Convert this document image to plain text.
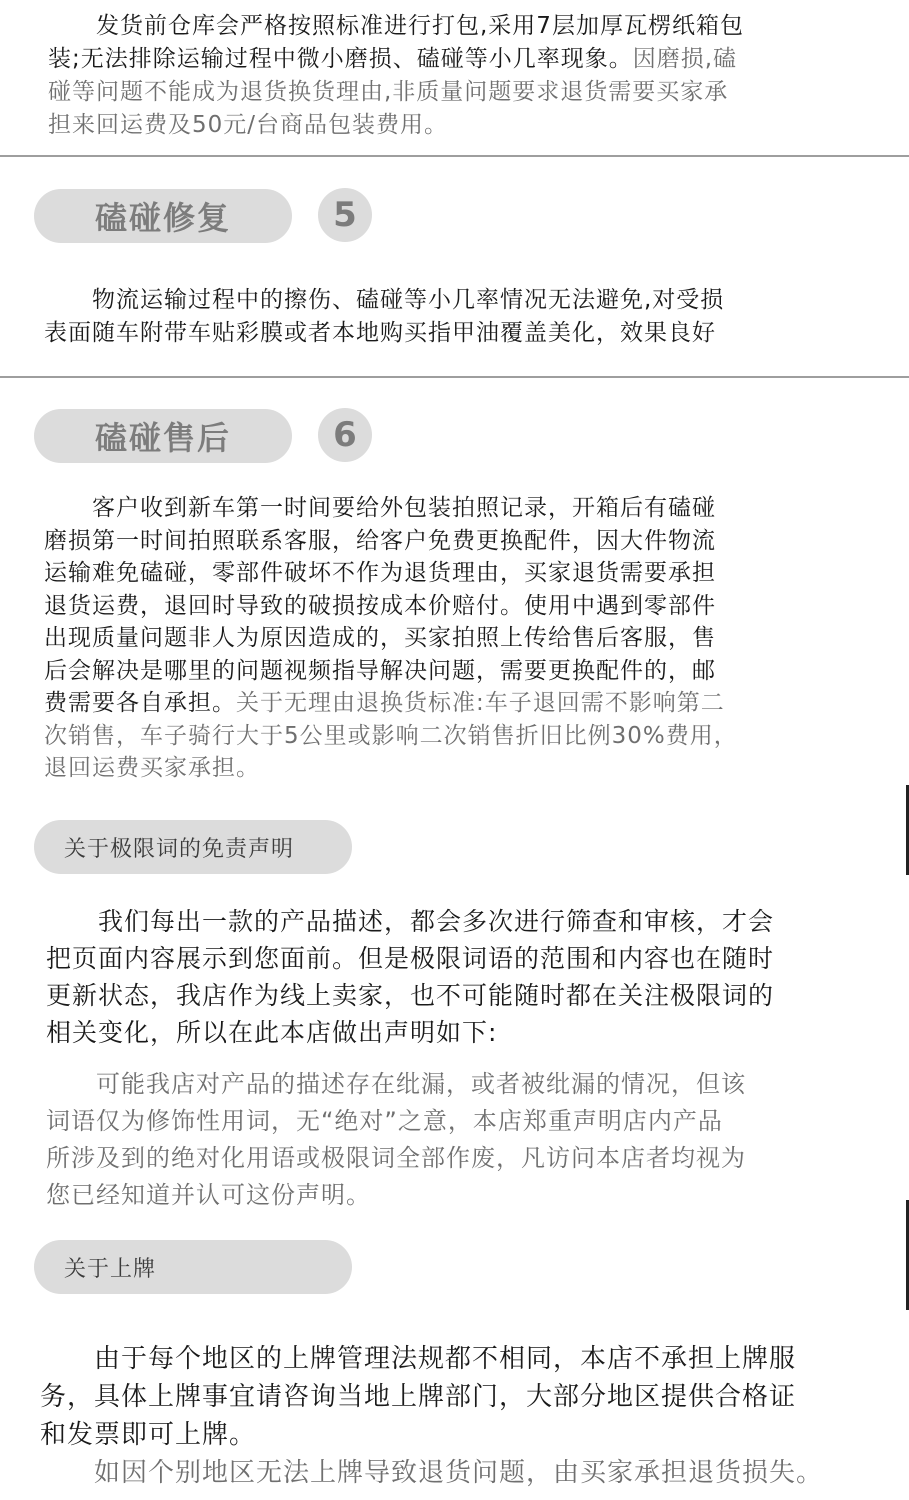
　　发货前仓库会严格按照标准进行打包,采用7层加厚瓦楞纸箱包

装;无法排除运输过程中微小磨损、磕碰等小几率现象。因磨损,磕

碰等问题不能成为退货换货理由,非质量问题要求退货需要买家承

担来回运费及50元/台商品包装费用。

磕碰修复	5

　　物流运输过程中的擦伤、磕碰等小几率情况无法避免,对受损

表面随车附带车贴彩膜或者本地购买指甲油覆盖美化，效果良好

磕碰售后	6

　　客户收到新车第一时间要给外包装拍照记录，开箱后有磕碰

磨损第一时间拍照联系客服，给客户免费更换配件，因大件物流

运输难免磕碰，零部件破坏不作为退货理由，买家退货需要承担

退货运费，退回时导致的破损按成本价赔付。使用中遇到零部件

出现质量问题非人为原因造成的，买家拍照上传给售后客服，售

后会解决是哪里的问题视频指导解决问题，需要更换配件的，邮

费需要各自承担。关于无理由退换货标准:车子退回需不影响第二

次销售，车子骑行大于5公里或影响二次销售折旧比例30%费用，

退回运费买家承担。

关于极限词的免责声明

　　我们每出一款的产品描述，都会多次进行筛查和审核，才会

把页面内容展示到您面前。但是极限词语的范围和内容也在随时

更新状态，我店作为线上卖家，也不可能随时都在关注极限词的

相关变化，所以在此本店做出声明如下:

　　可能我店对产品的描述存在纰漏，或者被纰漏的情况，但该

词语仅为修饰性用词，无“绝对”之意，本店郑重声明店内产品

所涉及到的绝对化用语或极限词全部作废，凡访问本店者均视为

您已经知道并认可这份声明。

关于上牌

　　由于每个地区的上牌管理法规都不相同，本店不承担上牌服

务，具体上牌事宜请咨询当地上牌部门，大部分地区提供合格证

和发票即可上牌。

　　如因个别地区无法上牌导致退货问题，由买家承担退货损失。
